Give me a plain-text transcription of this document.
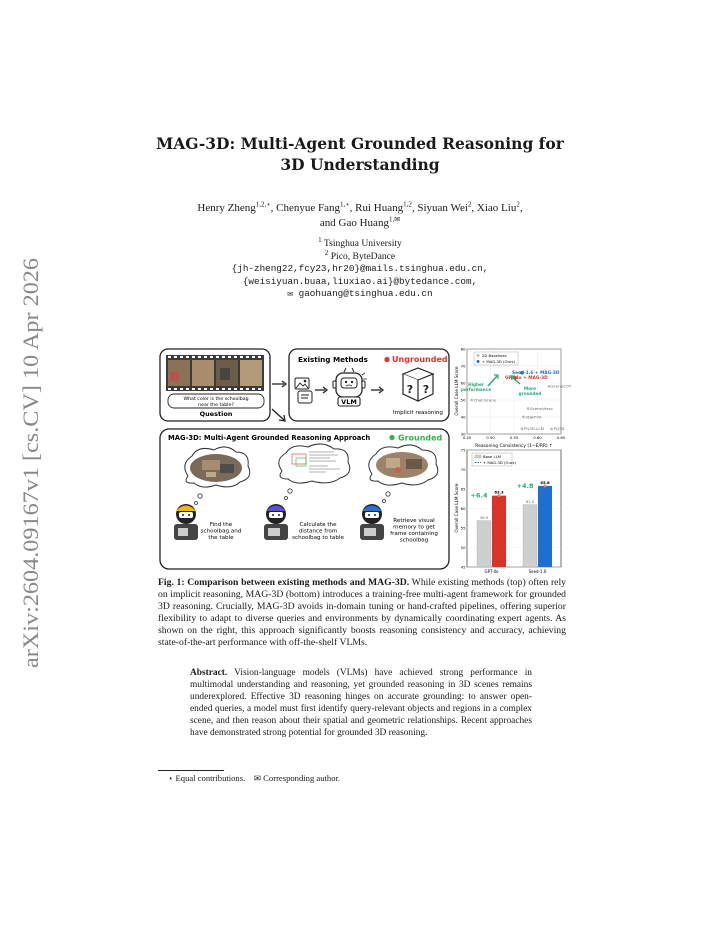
arXiv:2604.09167v1 [cs.CV] 10 Apr 2026
MAG-3D: Multi-Agent Grounded Reasoning for
3D Understanding
Henry Zheng$^{1,2,⋆}$, Chenyue Fang$^{1,⋆}$, Rui Huang$^{1,2}$, Siyuan Wei$^2$, Xiao Liu$^2$,
and Gao Huang$^{1,✉}$
$^1$ Tsinghua University
$^2$ Pico, ByteDance
{jh-zheng22,fcy23,hr20}@mails.tsinghua.edu.cn,
{weisiyuan.buaa,liuxiao.ai}@bytedance.com,
✉ gaohuang@tsinghua.edu.cn
What color is the schoolbag
near the table?
Question
Existing Methods	Ungrounded
VLM
? ?
Implicit reasoning
MAG-3D: Multi-Agent Grounded Reasoning Approach	Grounded
Find the
schoolbag and
the table
Calculate the
distance from
schoolbag to table
Retrieve visual
memory to get
frame containing
schoolbag
30
40
50
60
70
80
0.45	0.50	0.55	0.60	0.65
2D Baselines
+ MAG-3D (Ours)
Seed-1.6 + MAG-3D
GPT-4o + MAG-3D
SceneCOT
Chat-Scene
SceneVerse
3DAP-TA
PQ3D-LLM PQ3D
Higher performance	More grounded
Overall Case LLM Score
Reasoning Consistency (1−E/RR) ↑
45
50
55
60
65
70
75
Base LLM
+ MAG-3D (Ours)
56.9
63.3
+6.4
GPT-4o
61.0
65.8
+4.8
Seed-1.6
Overall Case LLM Score
Fig. 1: Comparison between existing methods and MAG-3D. While existing methods (top) often rely on implicit reasoning, MAG-3D (bottom) introduces a training-free multi-agent framework for grounded 3D reasoning. Crucially, MAG-3D avoids in-domain tuning or hand-crafted pipelines, offering superior flexibility to adapt to diverse queries and environments by dynamically coordinating expert agents. As shown on the right, this approach significantly boosts reasoning consistency and accuracy, achieving state-of-the-art performance with off-the-shelf VLMs.
Abstract. Vision-language models (VLMs) have achieved strong performance in multimodal understanding and reasoning, yet grounded reasoning in 3D scenes remains underexplored. Effective 3D reasoning hinges on accurate grounding: to answer open-ended queries, a model must first identify query-relevant objects and regions in a complex scene, and then reason about their spatial and geometric relationships. Recent approaches have demonstrated strong potential for grounded 3D reasoning.
⋆ Equal contributions. ✉ Corresponding author.
